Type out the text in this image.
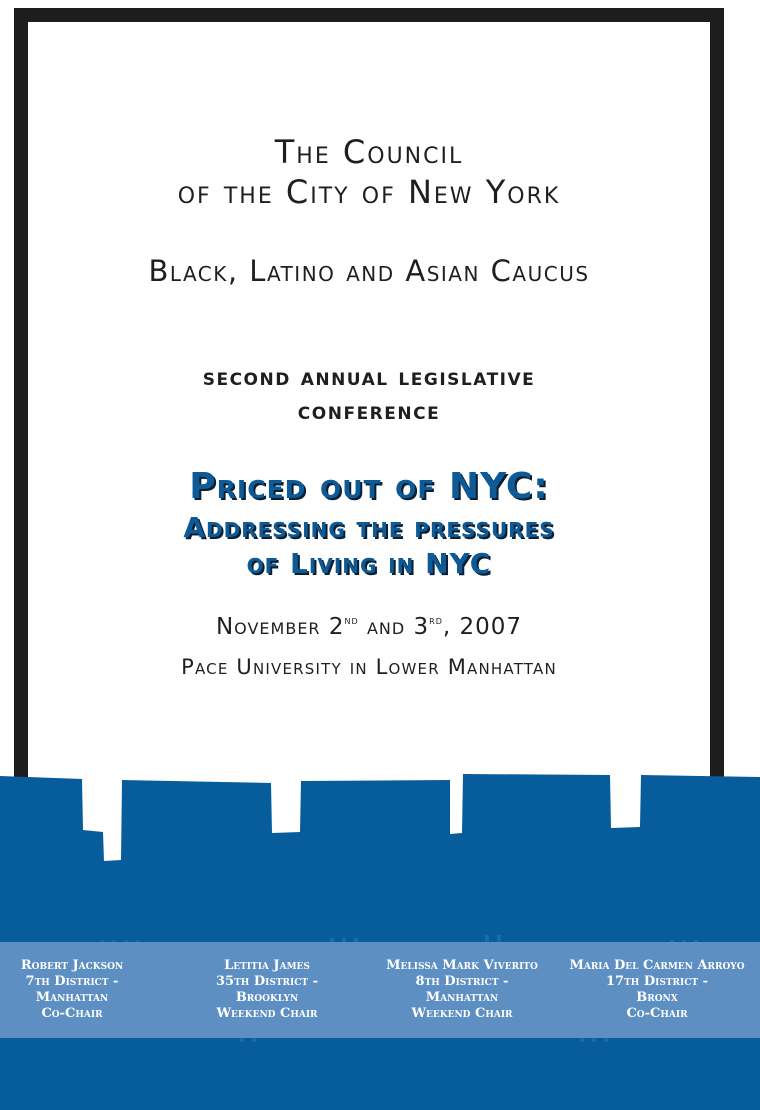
The Council
of the City of New York
Black, Latino and Asian Caucus
second annual legislative
conference
Priced out of NYC:
Addressing the pressures
of Living in NYC
November 2nd and 3rd, 2007
Pace University in Lower Manhattan
Robert Jackson
7th District -
Manhattan
Co-Chair
Letitia James
35th District -
Brooklyn
Weekend Chair
Melissa Mark Viverito
8th District -
Manhattan
Weekend Chair
Maria Del Carmen Arroyo
17th District -
Bronx
Co-Chair
